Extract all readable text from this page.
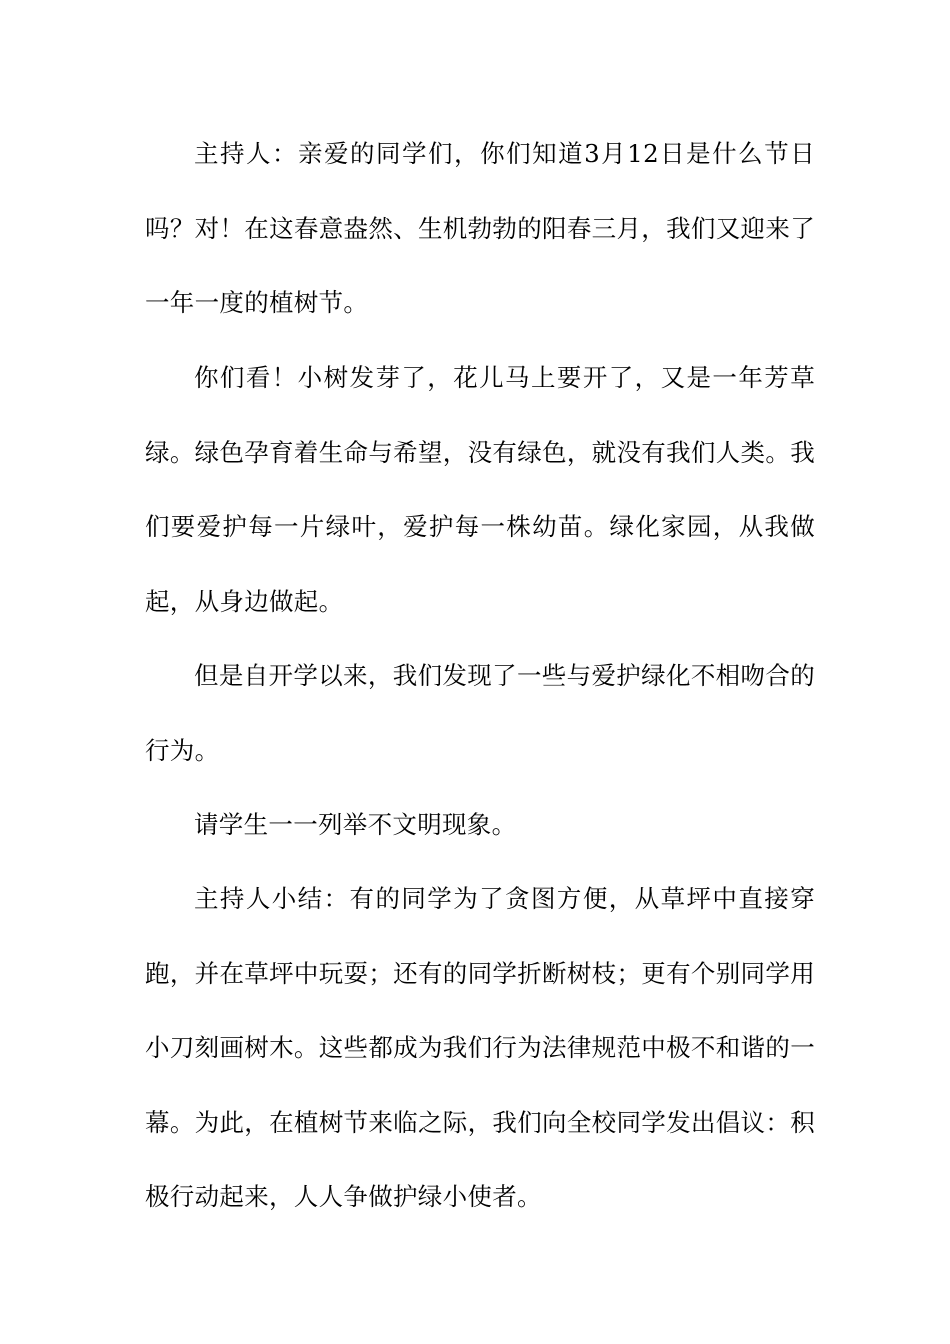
主持人：亲爱的同学们，你们知道3月12日是什么节日吗？对！在这春意盎然、生机勃勃的阳春三月，我们又迎来了一年一度的植树节。

你们看！小树发芽了，花儿马上要开了，又是一年芳草绿。绿色孕育着生命与希望，没有绿色，就没有我们人类。我们要爱护每一片绿叶，爱护每一株幼苗。绿化家园，从我做起，从身边做起。

但是自开学以来，我们发现了一些与爱护绿化不相吻合的行为。

请学生一一列举不文明现象。

主持人小结：有的同学为了贪图方便，从草坪中直接穿跑，并在草坪中玩耍；还有的同学折断树枝；更有个别同学用小刀刻画树木。这些都成为我们行为法律规范中极不和谐的一幕。为此，在植树节来临之际，我们向全校同学发出倡议：积极行动起来，人人争做护绿小使者。
